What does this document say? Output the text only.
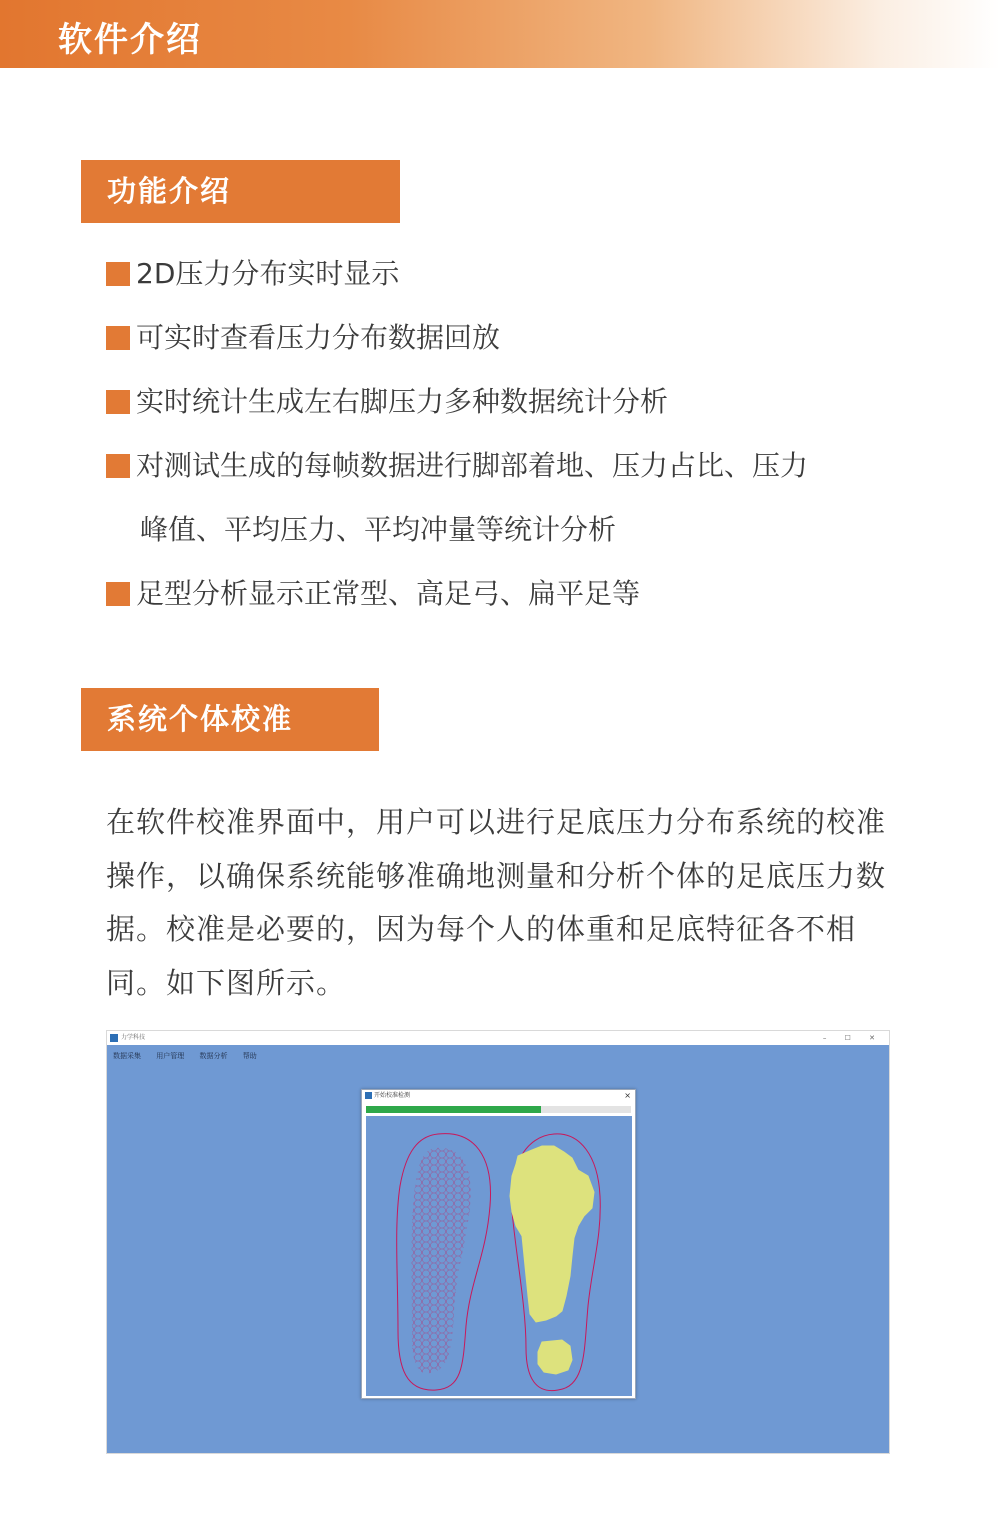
软件介绍
功能介绍
2D压力分布实时显示
可实时查看压力分布数据回放
实时统计生成左右脚压力多种数据统计分析
对测试生成的每帧数据进行脚部着地、压力占比、压力
峰值、平均压力、平均冲量等统计分析
足型分析显示正常型、高足弓、扁平足等
系统个体校准

在软件校准界面中，用户可以进行足底压力分布系统的校准操作，以确保系统能够准确地测量和分析个体的足底压力数据。校准是必要的，因为每个人的体重和足底特征各不相同。如下图所示。

力学科技	– ☐ ✕
数据采集 用户管理 数据分析 帮助
开始校准检测	×
